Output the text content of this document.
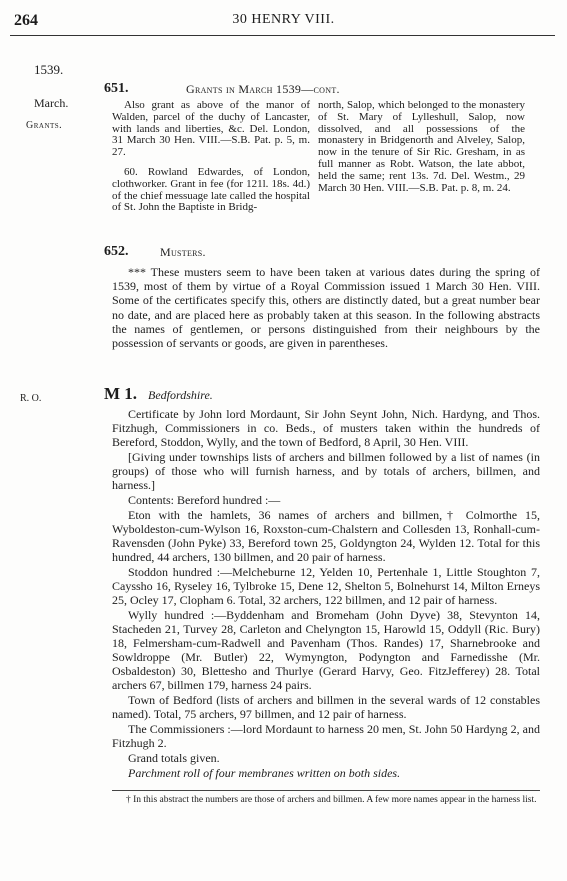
264	30 HENRY VIII.
1539.
March.
Grants.
R. O.
651.	Grants in March 1539—cont.

Also grant as above of the manor of Walden, parcel of the duchy of Lancaster, with lands and liberties, &c. Del. London, 31 March 30 Hen. VIII.—S.B. Pat. p. 5, m. 27.

60. Rowland Edwardes, of London, clothworker. Grant in fee (for 121l. 18s. 4d.) of the chief messuage late called the hospital of St. John the Baptiste in Bridg-

north, Salop, which belonged to the monastery of St. Mary of Lylleshull, Salop, now dissolved, and all possessions of the monastery in Bridgenorth and Alveley, Salop, now in the tenure of Sir Ric. Gresham, in as full manner as Robt. Watson, the late abbot, held the same; rent 13s. 7d. Del. Westm., 29 March 30 Hen. VIII.—S.B. Pat. p. 8, m. 24.

652.	Musters.
*** These musters seem to have been taken at various dates during the spring of 1539, most of them by virtue of a Royal Commission issued 1 March 30 Hen. VIII. Some of the certificates specify this, others are distinctly dated, but a great number bear no date, and are placed here as probably taken at this season. In the following abstracts the names of gentlemen, or persons distinguished from their neighbours by the possession of servants or goods, are given in parentheses.
M 1. Bedfordshire.

Certificate by John lord Mordaunt, Sir John Seynt John, Nich. Hardyng, and Thos. Fitzhugh, Commissioners in co. Beds., of musters taken within the hundreds of Bereford, Stoddon, Wylly, and the town of Bedford, 8 April, 30 Hen. VIII.

[Giving under townships lists of archers and billmen followed by a list of names (in groups) of those who will furnish harness, and by totals of archers, billmen, and harness.]

Contents: Bereford hundred :—

Eton with the hamlets, 36 names of archers and billmen,† Colmorthe 15, Wyboldeston-cum-Wylson 16, Roxston-cum-Chalstern and Collesden 13, Ronhall-cum-Ravensden (John Pyke) 33, Bereford town 25, Goldyngton 24, Wylden 12. Total for this hundred, 44 archers, 130 billmen, and 20 pair of harness.

Stoddon hundred :—Melcheburne 12, Yelden 10, Pertenhale 1, Little Stoughton 7, Cayssho 16, Ryseley 16, Tylbroke 15, Dene 12, Shelton 5, Bolnehurst 14, Milton Erneys 25, Ocley 17, Clopham 6. Total, 32 archers, 122 billmen, and 12 pair of harness.

Wylly hundred :—Byddenham and Bromeham (John Dyve) 38, Stevynton 14, Stacheden 21, Turvey 28, Carleton and Chelyngton 15, Harowld 15, Oddyll (Ric. Bury) 18, Felmersham-cum-Radwell and Pavenham (Thos. Randes) 17, Sharnebrooke and Sowldroppe (Mr. Butler) 22, Wymyngton, Podyngton and Farnedisshe (Mr. Osbaldeston) 30, Blettesho and Thurlye (Gerard Harvy, Geo. FitzJefferey) 28. Total archers 67, billmen 179, harness 24 pairs.

Town of Bedford (lists of archers and billmen in the several wards of 12 constables named). Total, 75 archers, 97 billmen, and 12 pair of harness.

The Commissioners :—lord Mordaunt to harness 20 men, St. John 50 Hardyng 2, and Fitzhugh 2.

Grand totals given.

Parchment roll of four membranes written on both sides.

† In this abstract the numbers are those of archers and billmen. A few more names appear in the harness list.
